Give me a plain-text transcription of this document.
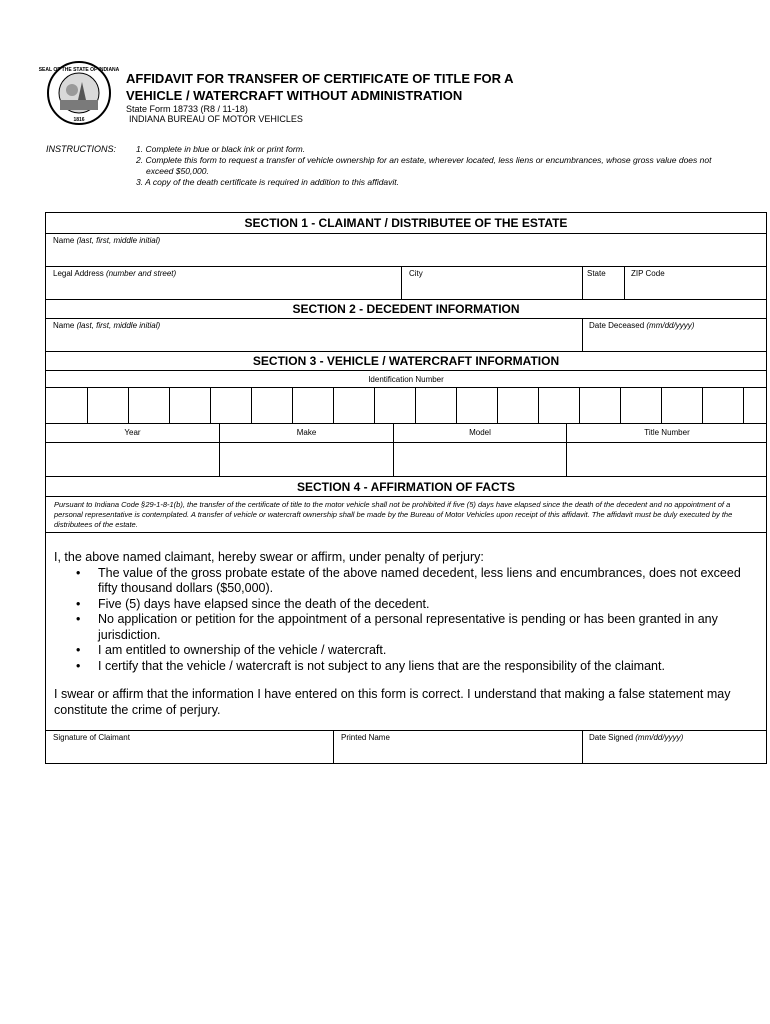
SEAL OF THE STATE OF INDIANA
1816
AFFIDAVIT FOR TRANSFER OF CERTIFICATE OF TITLE FOR A
VEHICLE / WATERCRAFT WITHOUT ADMINISTRATION
State Form 18733 (R8 / 11-18)
INDIANA BUREAU OF MOTOR VEHICLES
INSTRUCTIONS: 1. Complete in blue or black ink or print form.
2. Complete this form to request a transfer of vehicle ownership for an estate, wherever located, less liens or encumbrances, whose gross value does not exceed $50,000.
3. A copy of the death certificate is required in addition to this affidavit.
SECTION 1 - CLAIMANT / DISTRIBUTEE OF THE ESTATE
Name (last, first, middle initial)
Legal Address (number and street)	City	State	ZIP Code
SECTION 2 - DECEDENT INFORMATION
Name (last, first, middle initial)	Date Deceased (mm/dd/yyyy)
SECTION 3 - VEHICLE / WATERCRAFT INFORMATION
Identification Number
Year	Make	Model	Title Number
SECTION 4 - AFFIRMATION OF FACTS
Pursuant to Indiana Code §29-1-8-1(b), the transfer of the certificate of title to the motor vehicle shall not be prohibited if five (5) days have elapsed since the death of the decedent and no appointment of a personal representative is contemplated. A transfer of vehicle or watercraft ownership shall be made by the Bureau of Motor Vehicles upon receipt of this affidavit. The affidavit must be duly executed by the distributees of the estate.
I, the above named claimant, hereby swear or affirm, under penalty of perjury:
• The value of the gross probate estate of the above named decedent, less liens and encumbrances, does not exceed fifty thousand dollars ($50,000).
• Five (5) days have elapsed since the death of the decedent.
• No application or petition for the appointment of a personal representative is pending or has been granted in any jurisdiction.
• I am entitled to ownership of the vehicle / watercraft.
• I certify that the vehicle / watercraft is not subject to any liens that are the responsibility of the claimant.
I swear or affirm that the information I have entered on this form is correct. I understand that making a false statement may constitute the crime of perjury.
Signature of Claimant	Printed Name	Date Signed (mm/dd/yyyy)
